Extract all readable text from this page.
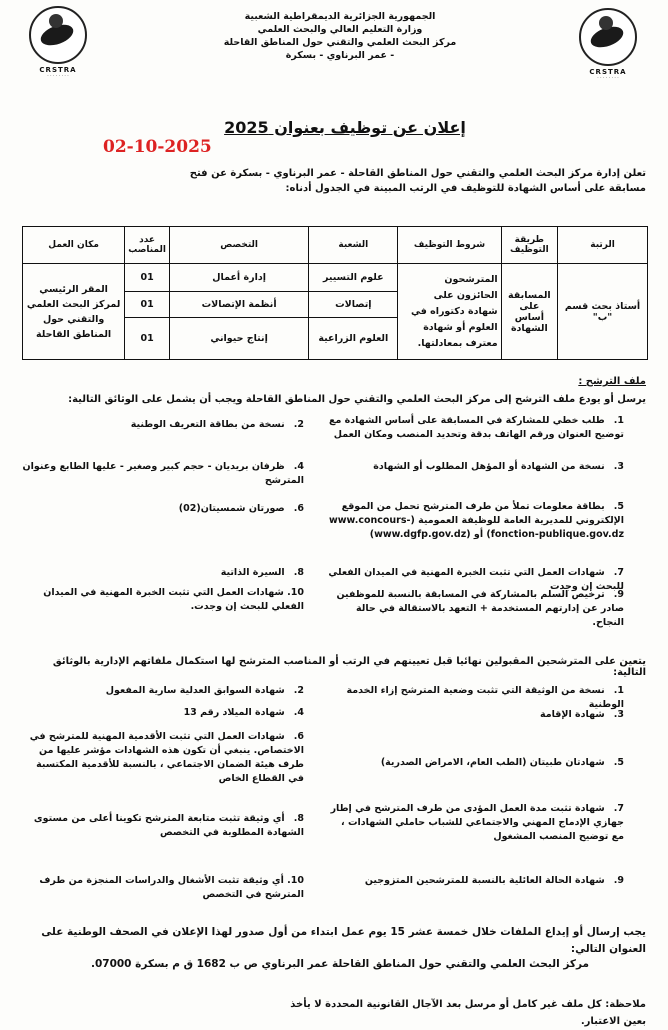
CRSTRA
· · · · · · · ·
CRSTRA
· · · · · · · ·
الجمهورية الجزائرية الديمقراطية الشعبية
وزارة التعليم العالي والبحث العلمي
مركز البحث العلمي والتقني حول المناطق القاحلة
- عمر البرناوي - بسكرة
إعلان عن توظيف بعنوان 2025
02-10-2025
تعلن إدارة مركز البحث العلمي والتقني حول المناطق القاحلة - عمر البرناوي - بسكرة عن فتح مسابقة على أساس الشهادة للتوظيف في الرتب المبينة في الجدول أدناه:
الرتبة	طريقة التوظيف	شروط التوظيف	الشعبة	التخصص	عدد المناصب	مكان العمل
أستاذ بحث قسم "ب"	المسابقة على أساس الشهادة	المترشحون الحائزون على شهادة دكتوراه في العلوم أو شهادة معترف بمعادلتها.	علوم التسيير	إدارة أعمال	01	المقر الرئيسي لمركز البحث العلمي والتقني حول المناطق القاحلة
			إتصالات	أنظمة الإتصالات	01	
			العلوم الزراعية	إنتاج حيواني	01	
ملف الترشح :
يرسل أو يودع ملف الترشح إلى مركز البحث العلمي والتقني حول المناطق القاحلة ويجب أن يشمل على الوثائق التالية:
1. طلب خطي للمشاركة في المسابقة على أساس الشهادة مع توضيح العنوان ورقم الهاتف بدقة وتحديد المنصب ومكان العمل
2. نسخة من بطاقة التعريف الوطنية
3. نسخة من الشهادة أو المؤهل المطلوب أو الشهادة
4. ظرفان بريديان - حجم كبير وصغير - عليها الطابع وعنوان المترشح
5. بطاقة معلومات تملأ من طرف المترشح تحمل من الموقع الإلكتروني للمديرية العامة للوظيفة العمومية (www.concours-fonction-publique.gov.dz) أو (www.dgfp.gov.dz)
6. صورتان شمسيتان(02)
7. شهادات العمل التي تثبت الخبرة المهنية في الميدان الفعلي للبحث إن وجدت
8. السيرة الذاتية
9. ترخيص السلم بالمشاركة في المسابقة بالنسبة للموظفين صادر عن إدارتهم المستخدمة + التعهد بالاستقالة في حالة النجاح.
10. شهادات العمل التي تثبت الخبرة المهنية في الميدان الفعلي للبحث إن وجدت.
يتعين على المترشحين المقبولين نهائيا قبل تعيينهم في الرتب أو المناصب المترشح لها استكمال ملفاتهم الإدارية بالوثائق التالية:
1. نسخة من الوثيقة التي تثبت وضعية المترشح إزاء الخدمة الوطنية
2. شهادة السوابق العدلية سارية المفعول
3. شهادة الإقامة
4. شهادة الميلاد رقم 13
5. شهادتان طبيتان (الطب العام، الامراض الصدرية)
6. شهادات العمل التي تثبت الأقدمية المهنية للمترشح في الاختصاص. ينبغي أن تكون هذه الشهادات مؤشر عليها من طرف هيئة الضمان الاجتماعي ، بالنسبة للأقدمية المكتسبة في القطاع الخاص
7. شهادة تثبت مدة العمل المؤدى من طرف المترشح في إطار جهازي الإدماج المهني والاجتماعي للشباب حاملي الشهادات ، مع توضيح المنصب المشغول
8. أي وثيقة تثبت متابعة المترشح تكوينا أعلى من مستوى الشهادة المطلوبة في التخصص
9. شهادة الحالة العائلية بالنسبة للمترشحين المتزوجين
10. أي وثيقة تثبت الأشغال والدراسات المنجزة من طرف المترشح في التخصص
يجب إرسال أو إيداع الملفات خلال خمسة عشر 15 يوم عمل ابتداء من أول صدور لهذا الإعلان في الصحف الوطنية على العنوان التالي:
مركز البحث العلمي والتقني حول المناطق القاحلة عمر البرناوي ص ب 1682 ق م بسكرة 07000.
ملاحظة: كل ملف غير كامل أو مرسل بعد الآجال القانونية المحددة لا يأخذ بعين الاعتبار.
